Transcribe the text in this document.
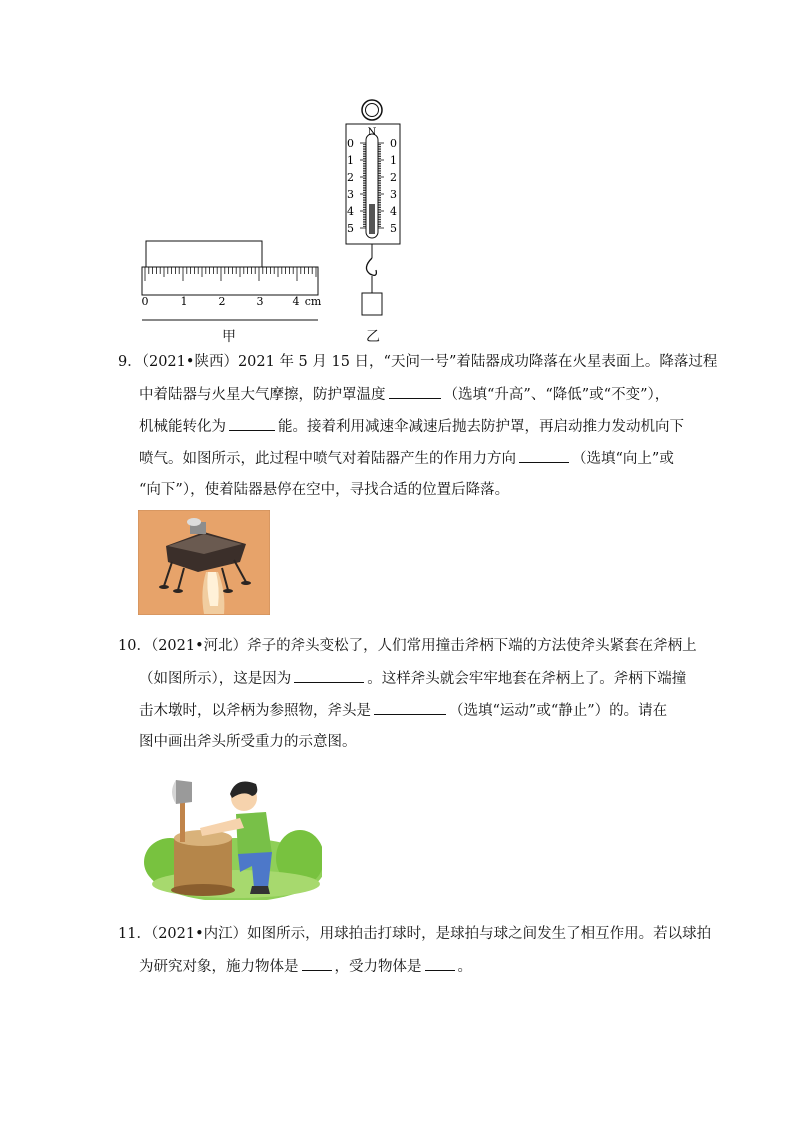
0	1	2	3	4 cm
甲
N
0	0
1	1
2	2
3	3
4	4
5	5
乙
9．（2021•陕西）2021 年 5 月 15 日，“天问一号”着陆器成功降落在火星表面上。降落过程
中着陆器与火星大气摩擦，防护罩温度	（选填“升高”、“降低”或“不变”），
机械能转化为	能。接着利用减速伞减速后抛去防护罩，再启动推力发动机向下
喷气。如图所示，此过程中喷气对着陆器产生的作用力方向	（选填“向上”或
“向下”），使着陆器悬停在空中，寻找合适的位置后降落。
10．（2021•河北）斧子的斧头变松了，人们常用撞击斧柄下端的方法使斧头紧套在斧柄上
（如图所示），这是因为	。这样斧头就会牢牢地套在斧柄上了。斧柄下端撞
击木墩时，以斧柄为参照物，斧头是	（选填“运动”或“静止”）的。请在
图中画出斧头所受重力的示意图。
11．（2021•内江）如图所示，用球拍击打球时，是球拍与球之间发生了相互作用。若以球拍
为研究对象，施力物体是 ，受力物体是 。
